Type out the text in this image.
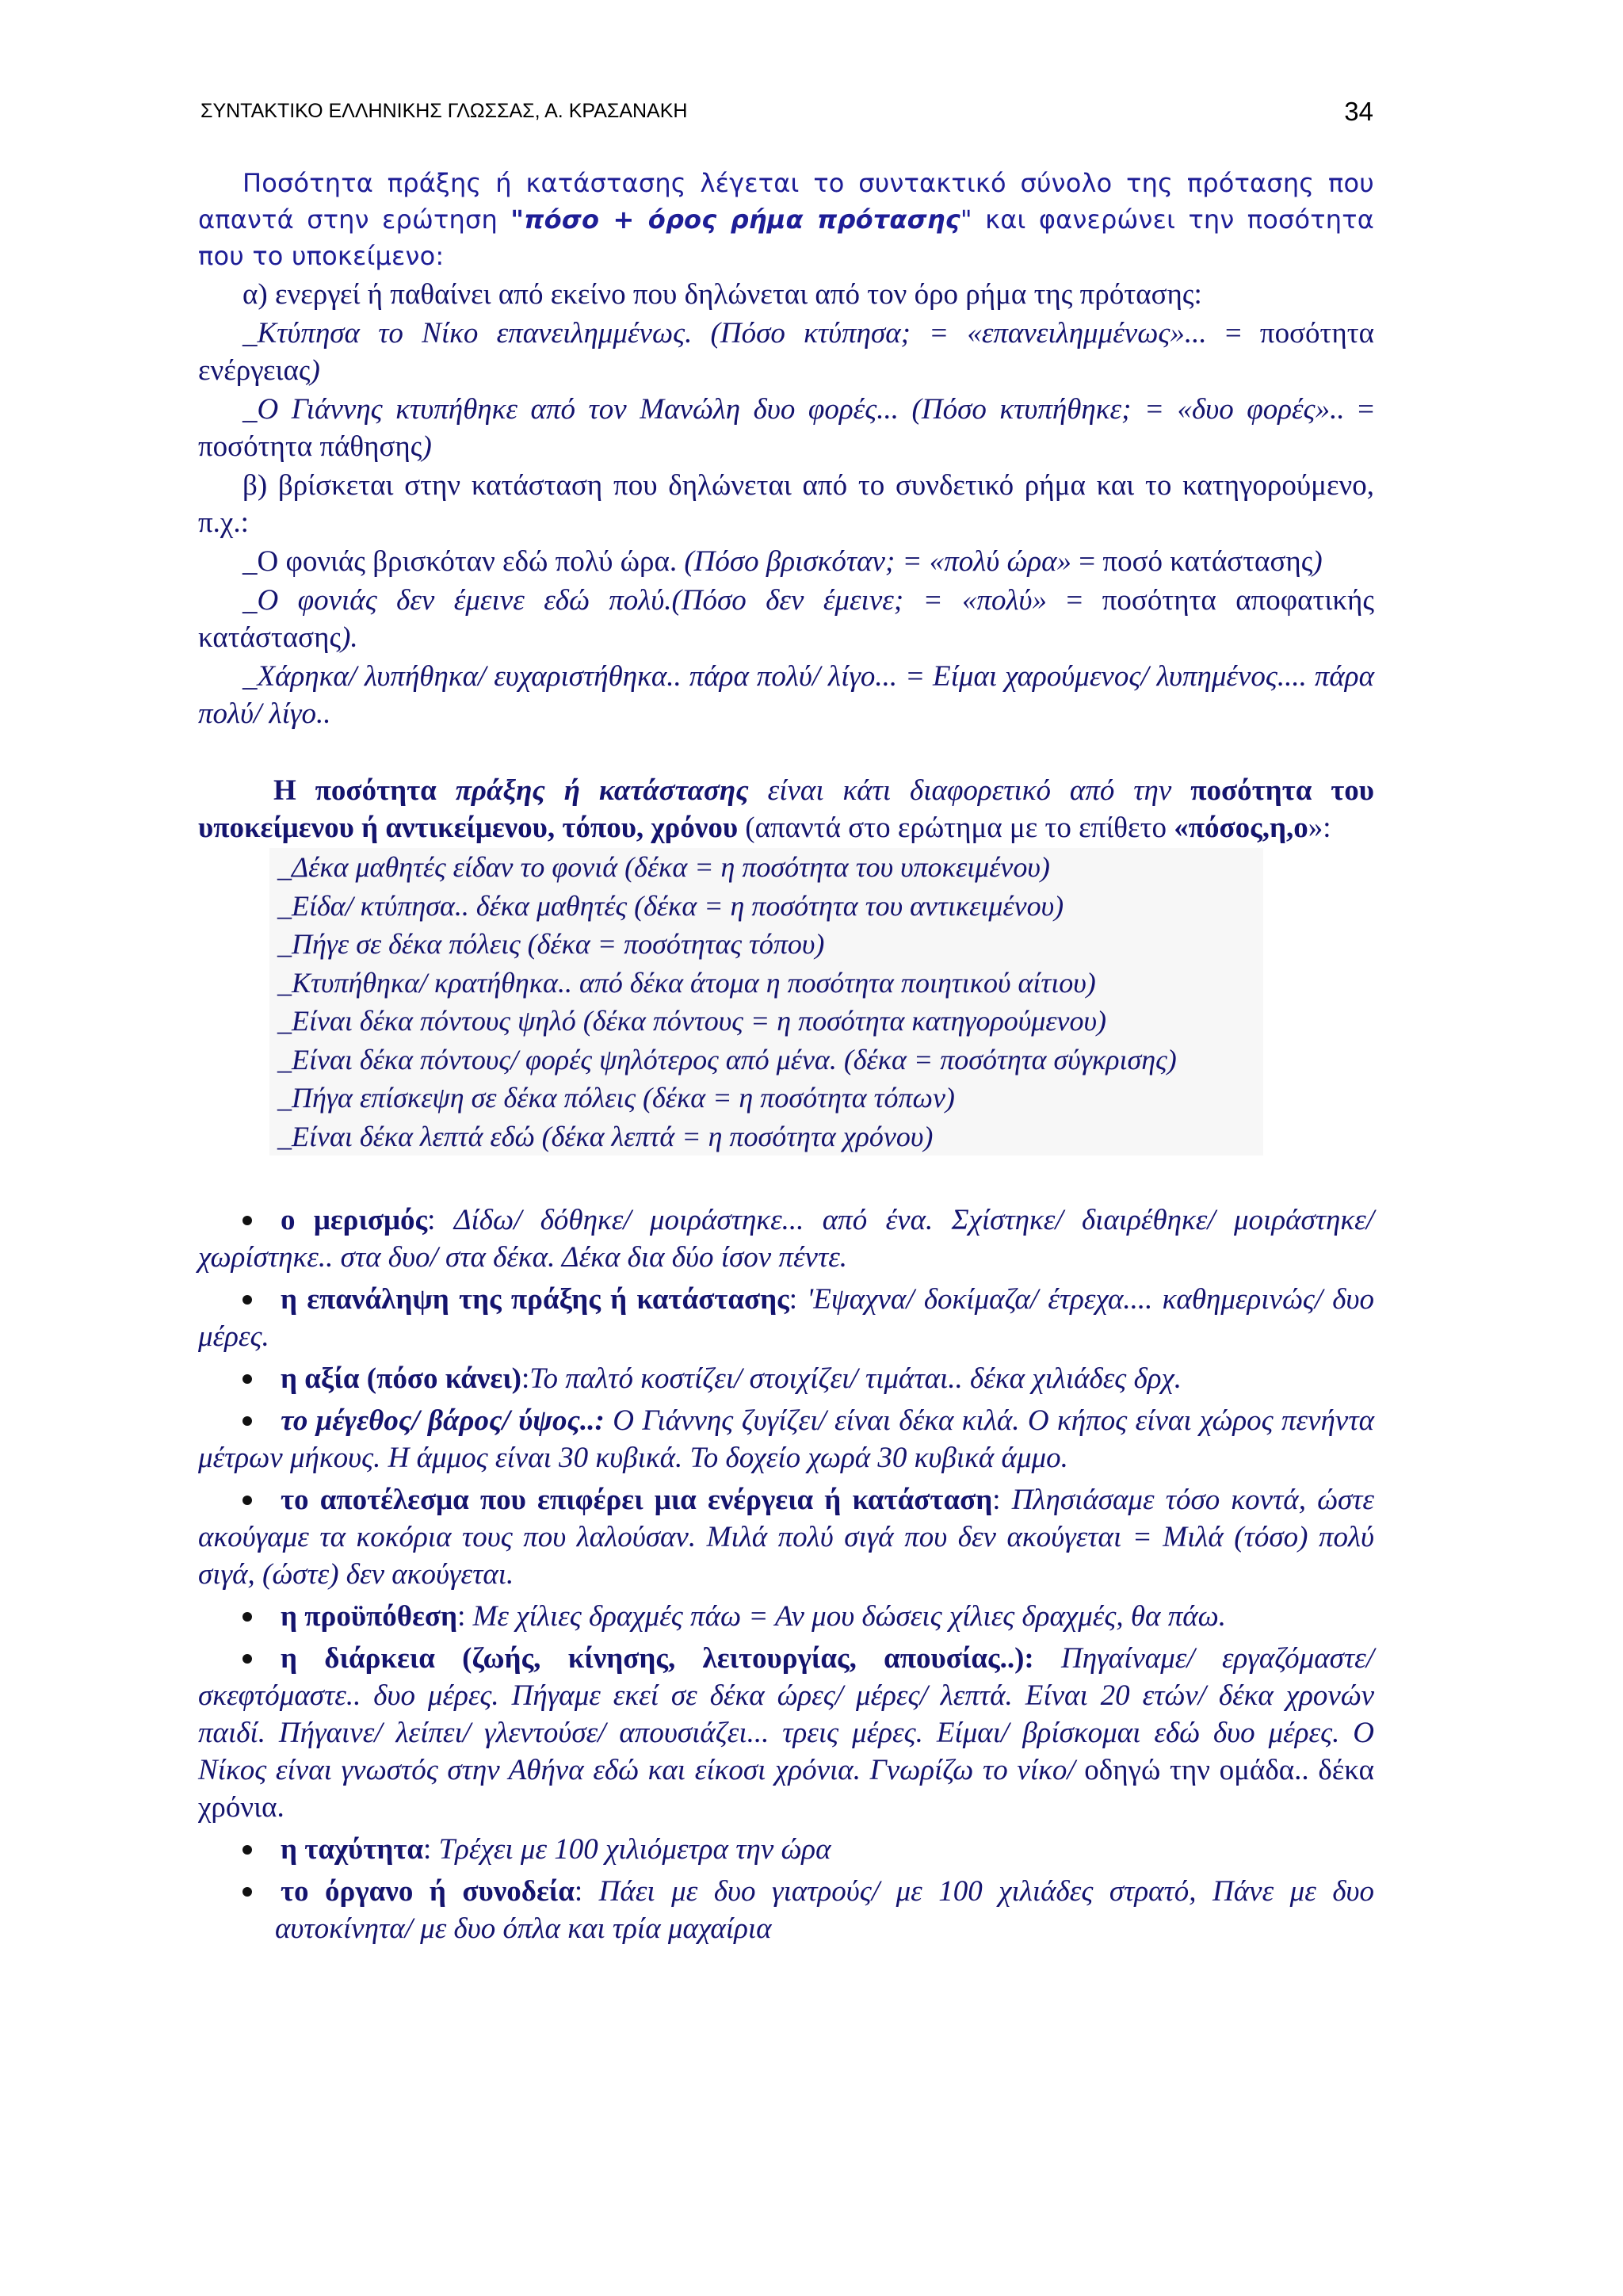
ΣΥΝΤΑΚΤΙΚΟ ΕΛΛΗΝΙΚΗΣ ΓΛΩΣΣΑΣ, Α. ΚΡΑΣΑΝΑΚΗ	34

Ποσότητα πράξης ή κατάστασης λέγεται το συντακτικό σύνολο της πρότασης που απαντά στην ερώτηση "πόσο + όρος ρήμα πρότασης" και φανερώνει την ποσότητα που το υποκείμενο:

α) ενεργεί ή παθαίνει από εκείνο που δηλώνεται από τον όρο ρήμα της πρότασης:

_Κτύπησα το Νίκο επανειλημμένως. (Πόσο κτύπησα; = «επανειλημμένως»... = ποσότητα ενέργειας)

_Ο Γιάννης κτυπήθηκε από τον Μανώλη δυο φορές... (Πόσο κτυπήθηκε; = «δυο φορές».. = ποσότητα πάθησης)

β) βρίσκεται στην κατάσταση που δηλώνεται από το συνδετικό ρήμα και το κατηγορούμενο, π.χ.:

_Ο φονιάς βρισκόταν εδώ πολύ ώρα. (Πόσο βρισκόταν; = «πολύ ώρα» = ποσό κατάστασης)

_Ο φονιάς δεν έμεινε εδώ πολύ.(Πόσο δεν έμεινε; = «πολύ» = ποσότητα αποφατικής κατάστασης).

_Χάρηκα/ λυπήθηκα/ ευχαριστήθηκα.. πάρα πολύ/ λίγο... = Είμαι χαρούμενος/ λυπημένος.... πάρα πολύ/ λίγο..

Η ποσότητα πράξης ή κατάστασης είναι κάτι διαφορετικό από την ποσότητα του υποκείμενου ή αντικείμενου, τόπου, χρόνου (απαντά στο ερώτημα με το επίθετο «πόσος,η,ο»:

_Δέκα μαθητές είδαν το φονιά (δέκα = η ποσότητα του υποκειμένου)
_Είδα/ κτύπησα.. δέκα μαθητές (δέκα = η ποσότητα του αντικειμένου)
_Πήγε σε δέκα πόλεις (δέκα = ποσότητας τόπου)
_Κτυπήθηκα/ κρατήθηκα.. από δέκα άτομα η ποσότητα ποιητικού αίτιου)
_Είναι δέκα πόντους ψηλό (δέκα πόντους = η ποσότητα κατηγορούμενου)
_Είναι δέκα πόντους/ φορές ψηλότερος από μένα. (δέκα = ποσότητα σύγκρισης)
_Πήγα επίσκεψη σε δέκα πόλεις (δέκα = η ποσότητα τόπων)
_Είναι δέκα λεπτά εδώ (δέκα λεπτά = η ποσότητα χρόνου)

ο μερισμός: Δίδω/ δόθηκε/ μοιράστηκε... από ένα. Σχίστηκε/ διαιρέθηκε/ μοιράστηκε/ χωρίστηκε.. στα δυο/ στα δέκα. Δέκα δια δύο ίσον πέντε.

η επανάληψη της πράξης ή κατάστασης: 'Εψαχνα/ δοκίμαζα/ έτρεχα.... καθημερινώς/ δυο μέρες.

η αξία (πόσο κάνει):Το παλτό κοστίζει/ στοιχίζει/ τιμάται.. δέκα χιλιάδες δρχ.

το μέγεθος/ βάρος/ ύψος..: Ο Γιάννης ζυγίζει/ είναι δέκα κιλά. Ο κήπος είναι χώρος πενήντα μέτρων μήκους. Η άμμος είναι 30 κυβικά. Το δοχείο χωρά 30 κυβικά άμμο.

το αποτέλεσμα που επιφέρει μια ενέργεια ή κατάσταση: Πλησιάσαμε τόσο κοντά, ώστε ακούγαμε τα κοκόρια τους που λαλούσαν. Μιλά πολύ σιγά που δεν ακούγεται = Μιλά (τόσο) πολύ σιγά, (ώστε) δεν ακούγεται.

η προϋπόθεση: Με χίλιες δραχμές πάω = Αν μου δώσεις χίλιες δραχμές, θα πάω.

η διάρκεια (ζωής, κίνησης, λειτουργίας, απουσίας..): Πηγαίναμε/ εργαζόμαστε/ σκεφτόμαστε.. δυο μέρες. Πήγαμε εκεί σε δέκα ώρες/ μέρες/ λεπτά. Είναι 20 ετών/ δέκα χρονών παιδί. Πήγαινε/ λείπει/ γλεντούσε/ απουσιάζει... τρεις μέρες. Είμαι/ βρίσκομαι εδώ δυο μέρες. Ο Νίκος είναι γνωστός στην Αθήνα εδώ και είκοσι χρόνια. Γνωρίζω το νίκο/ οδηγώ την ομάδα.. δέκα χρόνια.

η ταχύτητα: Τρέχει με 100 χιλιόμετρα την ώρα

το όργανο ή συνοδεία: Πάει με δυο γιατρούς/ με 100 χιλιάδες στρατό, Πάνε με δυο αυτοκίνητα/ με δυο όπλα και τρία μαχαίρια
